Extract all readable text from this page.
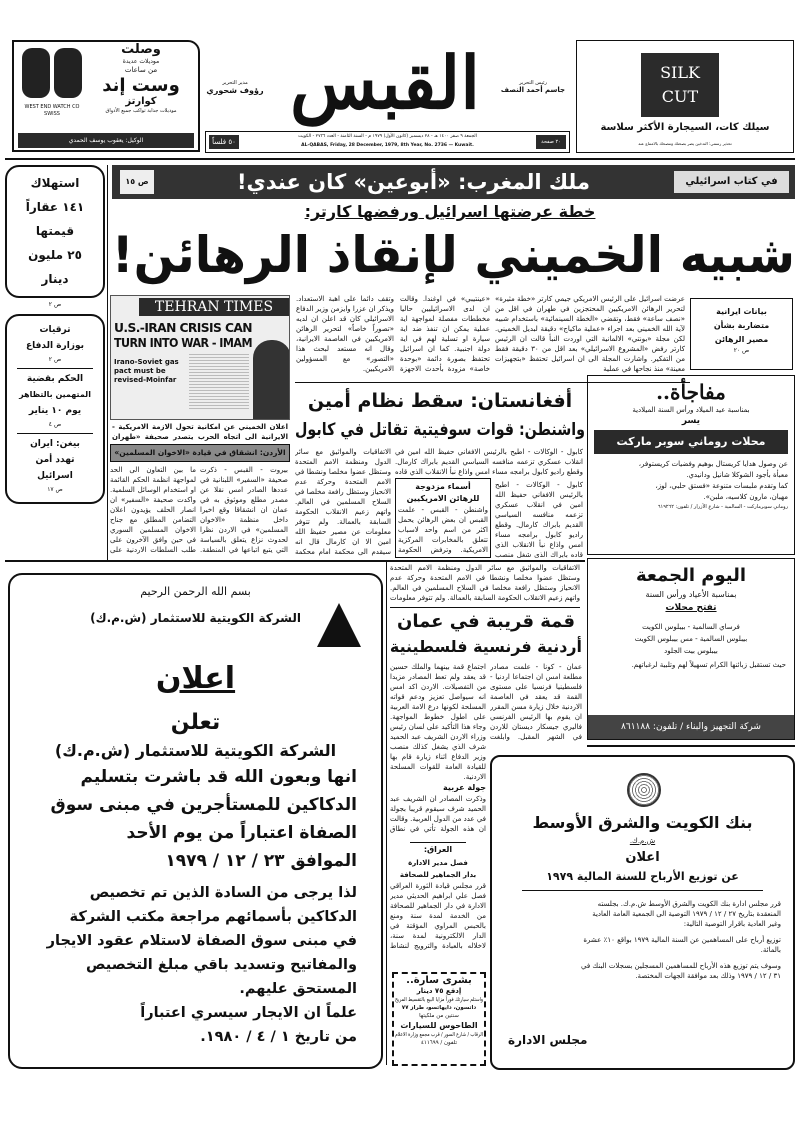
WEST END WATCH CO
SWISS
وصلت
موديلات عديدة
من ساعات
وست إند
كوارتز
موديلات جذابة تواكب جميع الأذواق
الوكيل: يعقوب يوسف الحمدي
مدير التحرير
رؤوف شحوري القبس	رئيس التحرير
جاسم أحمد النصف
٥٠ فلساً
الجمعة ٩ صفر ١٤٠٠ هـ - ٢٨ ديسمبر (كانون الأول) ١٩٧٩ م - السنة الثامنة - العدد ٢٧٣٦ - الكويت
AL-QABAS, Friday, 28 December, 1979, 8th Year, No. 2736 — Kuwait.
٢٠ صفحة
SILK
CUT
سيلك كات، السيجارة الأكثر سلاسة
تحذير رسمي: التدخين يضر بصحتك وننصحك بالامتناع عنه
استهلاك
١٤١ عقاراً
قيمتها
٢٥ مليون
دينار
ص ٢
ترقيات
بوزارة الدفاع
ص ٢
الحكم بقضية
المتهمين بالتظاهر
يوم ١٠ يناير
ص ٤
بيغن: ايران
تهدد أمن
اسرائيل
ص ١٧
في كتاب اسرائيلي
ملك المغرب: «أبوعين» كان عندي!
ص ١٥
خطة عرضتها اسرائيل ورفضها كارتر:
شبيه الخميني لإنقاذ الرهائن!
بيانات ايرانية
متضاربة بشأن
مصير الرهائن
ص ٢٠
عرضت اسرائيل على الرئيس الامريكي جيمي كارتر «خطة مثيرة» لتحرير الرهائن الامريكيين المحتجزين في طهران في اقل من «نصف ساعة» فقط، وتقضي «الخطة السينمائية» باستخدام شبيه لآية الله الخميني بعد اجراء «عملية ماكياج» دقيقة لبديل الخميني. لكن مجلة «بونتي» الالمانية التي اوردت النبأ قالت ان الرئيس كارتر رفض «المشروع الاسرائيلي» بعد اقل من ٣٠ دقيقة فقط من التفكير. واشارت المجلة الى ان اسرائيل تحتفظ «بتجهيزات معينة» منذ نجاحها في عملية
«عينتيبي» في اوغندا. وقالت ان لدى الاسرائيليين حاليا مخططات مفصلة لمواجهة اية عملية يمكن ان تنفذ ضد اية سيارة او تسلية لهم في اية دولة اجنبية. كما ان اسرائيل تحتفظ بصورة دائمة «بوحدة خاصة» مزودة بأحدث الاجهزة
وتقف دائما على اهبة الاستعداد. ويذكر ان عزرا وايزمن وزير الدفاع الاسرائيلي كان قد اعلن ان لديه «تصوراً خاصاً» لتحرير الرهائن الامريكيين في العاصمة الايرانية، وقال انه مستعد لبحث هذا «التصور» مع المسؤولين الامريكيين.
TEHRAN TIMES
U.S.-IRAN CRISIS CAN
TURN INTO WAR - IMAM
Irano-Soviet gas pact must be revised-Moinfar
اعلان الخميني عن امكانية تحول الازمة الامريكية - الايرانية الى اتجاه الحرب يتصدر صحيفة «طهران
الأردن: انشقاق في قيادة «الاخوان المسلمين»
بيروت - القبس - ذكرت صحيفة «السفير» اللبنانية في عددها الصادر امس نقلا عن مصدر مطلع وموثوق به في عمان ان انشقاقا وقع اخيرا داخل منظمة «الاخوان المسلمين» في الاردن نظرا لحدوث نزاع يتعلق بالسياسة التي يتبع اتباعها في المنطقة.
ما بين التعاون الى الحد لمواجهة انظمة الحكم القائمة او استخدام الوسائل السلمية. واكدت صحيفة «السفير» ان انصار الحلف يؤيدون اعلان التضامن المطلق مع جناح الاخوان المسلمين السوري في حين وافق الآخرون على طلب السلطات الاردنية على
أفغانستان: سقط نظام أمين
واشنطن: قوات سوفيتية تقاتل في كابول
كابول - الوكالات - اطيح بالرئيس الافغاني حفيظ الله امين في انقلاب عسكري تزعمه منافسه السياسي القديم بابراك كارمال. وقطع راديو كابول برامجه مساء امس واذاع نبأ الانقلاب الذي قاده
الاتفاقيات والمواثيق مع سائر الدول ومنظمة الامم المتحدة وستظل عضوا مخلصا ونشطا في الامم المتحدة وحركة عدم الانحياز وستظل رافعة مخلصا في السلاح المسلمين في العالم. واتهم زعيم الانقلاب الحكومة السابقة بالعمالة. ولم تتوفر معلومات عن مصير حفيظ الله امين الا ان كارمال قال انه سيقدم الى محكمة امام محكمة
كابول - الوكالات - اطيح بالرئيس الافغاني حفيظ الله امين في انقلاب عسكري تزعمه منافسه السياسي القديم بابراك كارمال. وقطع راديو كابول برامجه مساء امس واذاع نبأ الانقلاب الذي قاده بابراك الذي شغل منصب
أسماء مزدوجة
للرهائن الامريكيين
واشنطن - القبس - علمت القبس ان بعض الرهائن يحمل اكثر من اسم واحد لاسباب تتعلق بالمخابرات المركزية الامريكية. وترفض الحكومة
مفاجأة..
بمناسبة عيد الميلاد ورأس السنة الميلادية
يسر
محلات روماني سوبر ماركت
عن وصول هدايا كريستال بوهيم وفضيات كريستوفر،
معبأة بأجود الشوكلا شانيل ودانيدي.
كما وتقدم ملبسات متنوعة «فستق حلبي، لوز،
مهبان، مارون كلاسيه، ملبن».
روماني سوبرماركت - السالمية - شارع الأزرار / تلفون: ٦١٩٢٦٢
اليوم الجمعة
بمناسبة الأعياد ورأس السنة
تفتح محلات
فرساي السالمية - بيبلوس الكويت
بيبلوس السالمية - مس بيبلوس الكويت
بيبلوس بيت الجلود
حيث تستقبل زبائنها الكرام تسهيلاً لهم وتلبية لرغباتهم.
شركة التجهيز والبناء / تلفون: ٨٦١١٨٨
بسم الله الرحمن الرحيم
الشركة الكويتية للاستثمار (ش.م.ك)
اعلان
تعلن
الشركة الكويتية للاستثمار (ش.م.ك)
انها وبعون الله قد باشرت بتسليم
الدكاكين للمستأجرين في مبنى سوق
الصفاة اعتباراً من يوم الأحد
الموافق ٢٣ / ١٢ / ١٩٧٩
لذا يرجى من السادة الذين تم تخصيص
الدكاكين بأسمائهم مراجعة مكتب الشركة
في مبنى سوق الصفاة لاستلام عقود الايجار
والمفاتيح وتسديد باقي مبلغ التخصيص
المستحق عليهم.
علماً ان الايجار سيسري اعتباراً
من تاريخ ١ / ٤ / ١٩٨٠.
الاتفاقيات والمواثيق مع سائر الدول ومنظمة الامم المتحدة وستظل عضوا مخلصا ونشطا في الامم المتحدة وحركة عدم الانحياز وستظل رافعة مخلصا في السلاح المسلمين في العالم. واتهم زعيم الانقلاب الحكومة السابقة بالعمالة. ولم تتوفر معلومات
قمة قريبة في عمان
أردنية فرنسية فلسطينية
عمان - كونا - علمت مصادر مطلعة امس ان اجتماعا اردنيا - فلسطينيا فرنسيا على مستوى القمة قد يعقد في العاصمة الاردنية خلال زيارة مسن المقرر ان يقوم بها الرئيس الفرنسي فاليري جيسكار ديستان للاردن في الشهر المقبل. وابلغت
اجتماع قمة بينهما والملك حسين قد يعقد ولم تعط المصادر مزيدا من التفصيلات. الاردن اكد امس انه سيواصل تعزيز ودعم قواته المسلحة لكونها درع الامة العربية على اطول خطوط المواجهة. وجاء هذا التأكيد على لسان رئيس وزراء الاردن الشريف عبد الحميد شرف الذي يشغل كذلك منصب وزير الدفاع اثناء زيارة قام بها للقيادة العامة للقوات المسلحة الاردنية.
جولة عربية
وذكرت المصادر ان الشريف عبد الحميد شرف سيقوم قريبا بجولة في عدد من الدول العربية. وقالت ان هذه الجولة تأتي في نطاق
العراق:
فصل مدير الادارة
بدار الجماهير للصحافة
قرر مجلس قيادة الثورة العراقي فصل علي ابراهيم الحديثي مدير الادارة في دار الجماهير للصحافة من الخدمة لمدة سنة ومنع بالحبس المراوي المؤقتة في الدار الالكترونية لمدة سنة، لاخلاله بالعبادة والترويج لنشاط
بشرى سارة..
إدفع ٧٥ دينار
واستلم سيارتك فوراً مزايا البيع بالتقسيط المريح
داتسون، دايهاتسو، طراز ٧٧
سنتين من ملكيتها
الطاحوس للسيارات
الرقاب / شارع السور / قرب مجمع وزارة الاعلام
تلفون / ٤١١٦٩٩
بنك الكويت والشرق الأوسط
ش.م.ك.
اعلان
عن توزيع الأرباح للسنة المالية ١٩٧٩
قرر مجلس ادارة بنك الكويت والشرق الأوسط ش.م.ك. بجلسته المنعقدة بتاريخ ٢٧ / ١٢ / ١٩٧٩ التوصية الى الجمعية العامة العادية وغير العادية باقرار التوصية التالية:
توزيع أرباح على المساهمين عن السنة المالية ١٩٧٩ بواقع ١٠٪ عشرة بالمائة.
وسوف يتم توزيع هذه الأرباح للمساهمين المسجلين بسجلات البنك في ٣١ / ١٢ / ١٩٧٩ وذلك بعد موافقة الجهات المختصة.
مجلس الادارة
